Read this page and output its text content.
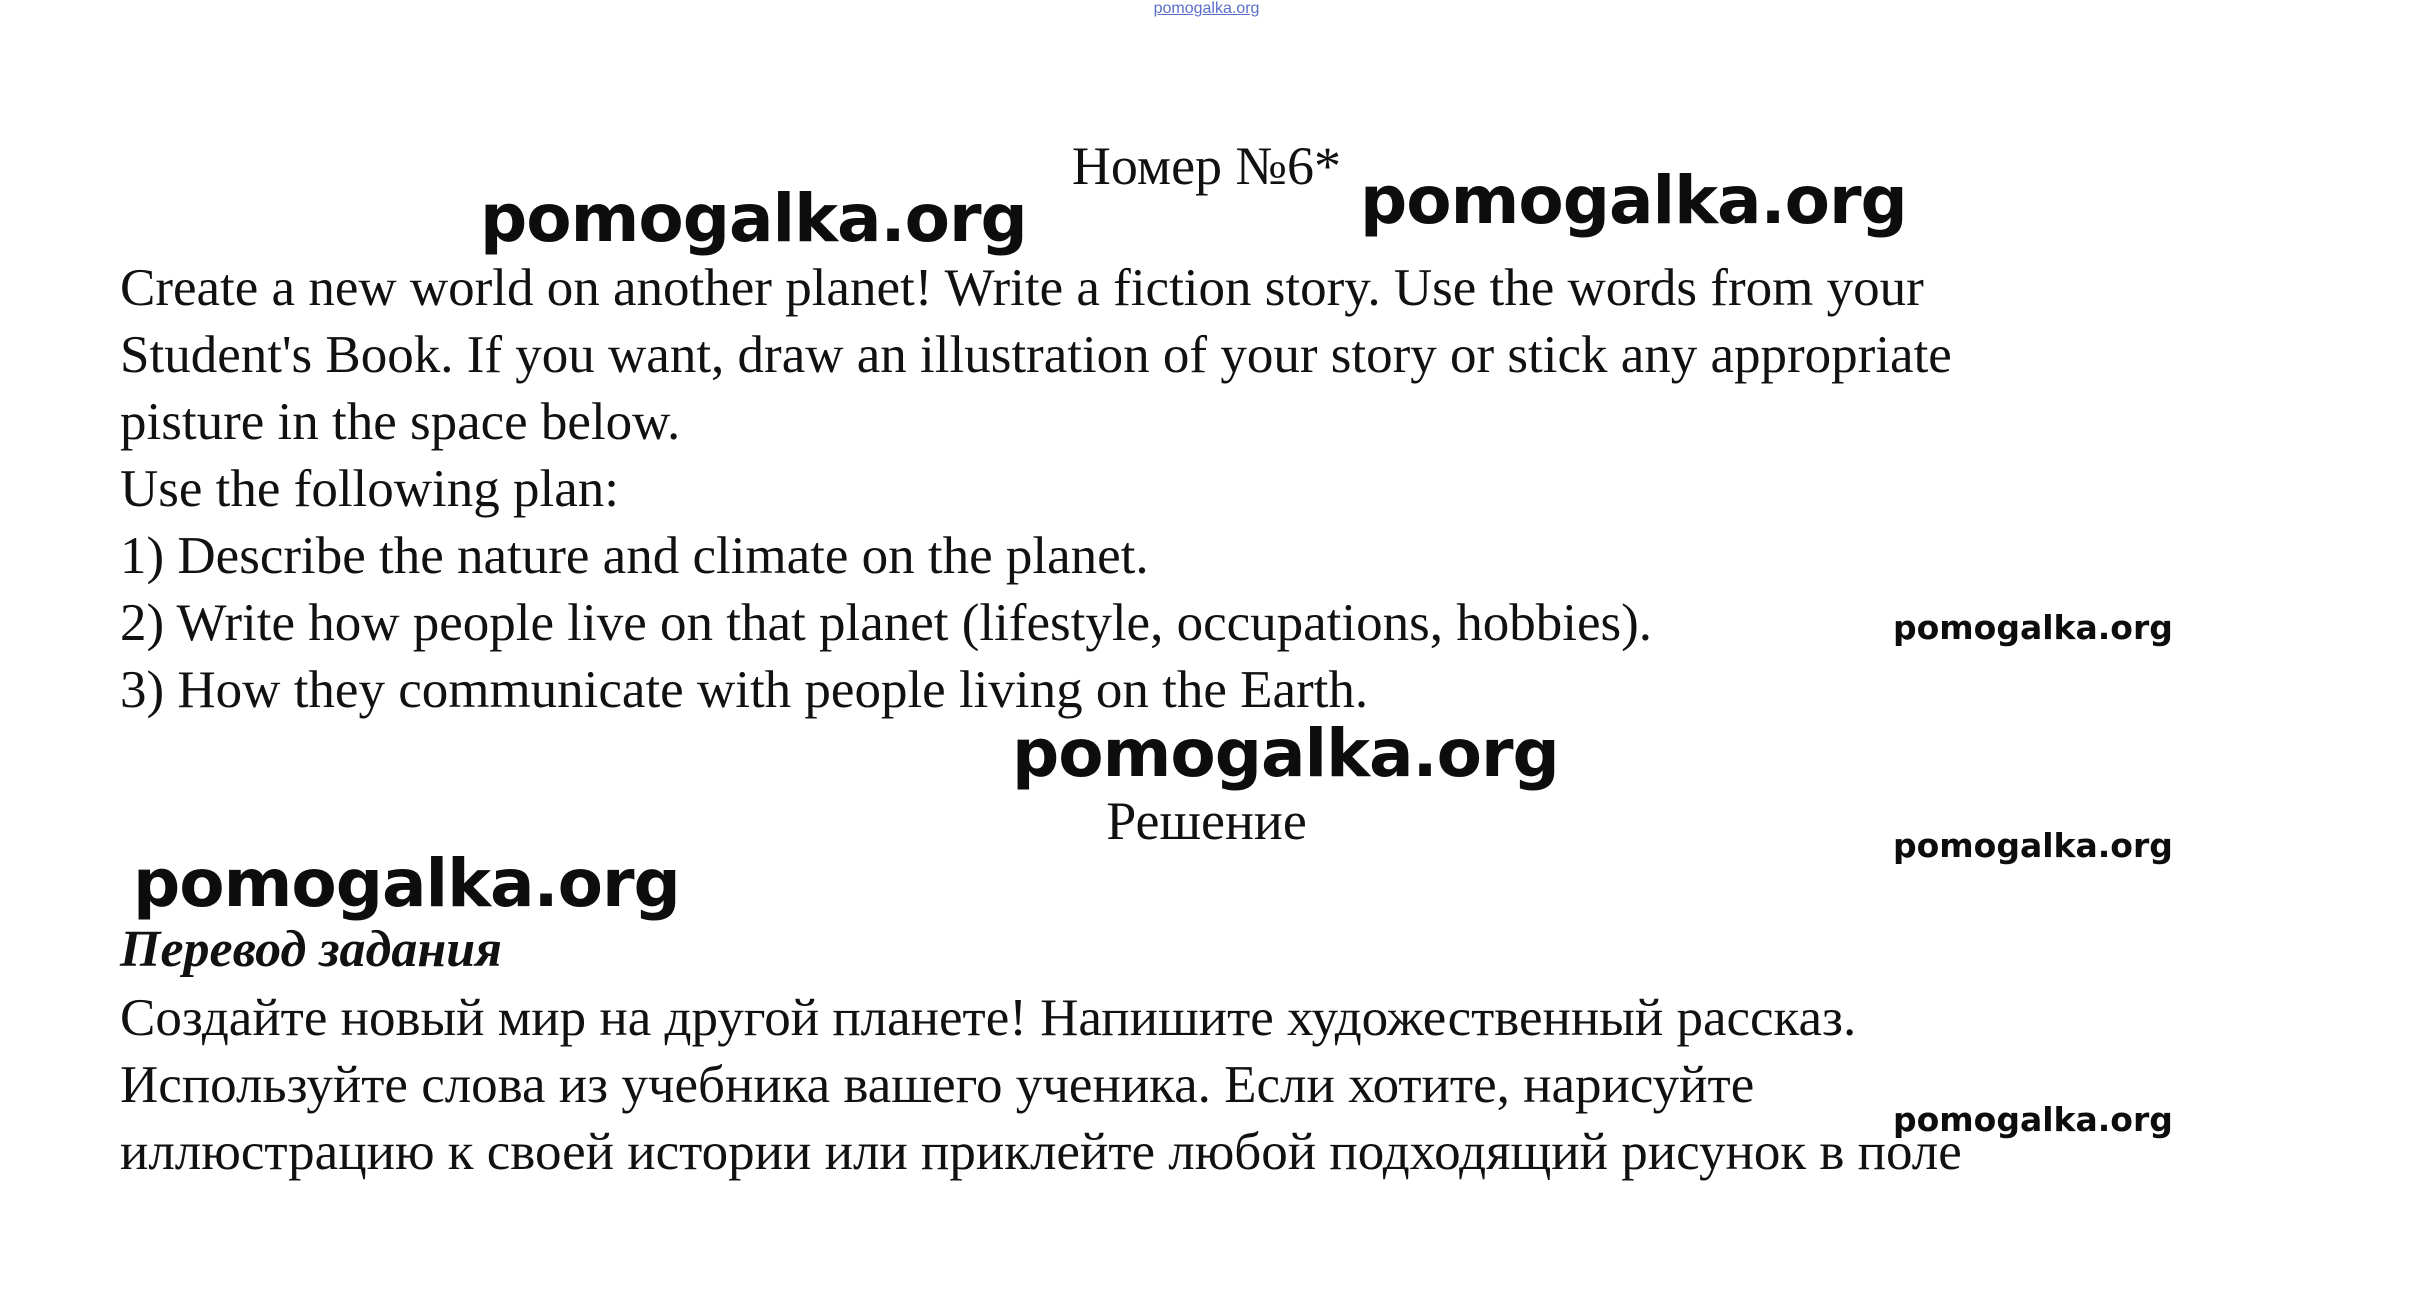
pomogalka.org
Номер №6*
pomogalka.org	pomogalka.org
Create a new world on another planet! Write a fiction story. Use the words from your
Student's Book. If you want, draw an illustration of your story or stick any appropriate
pisture in the space below.
Use the following plan:
1) Describe the nature and climate on the planet.
2) Write how people live on that planet (lifestyle, occupations, hobbies).
3) How they communicate with people living on the Earth.
pomogalka.org
pomogalka.org
Решение	pomogalka.org
pomogalka.org
Перевод задания
Создайте новый мир на другой планете! Напишите художественный рассказ.
Используйте слова из учебника вашего ученика. Если хотите, нарисуйте
иллюстрацию к своей истории или приклейте любой подходящий рисунок в поле
pomogalka.org
